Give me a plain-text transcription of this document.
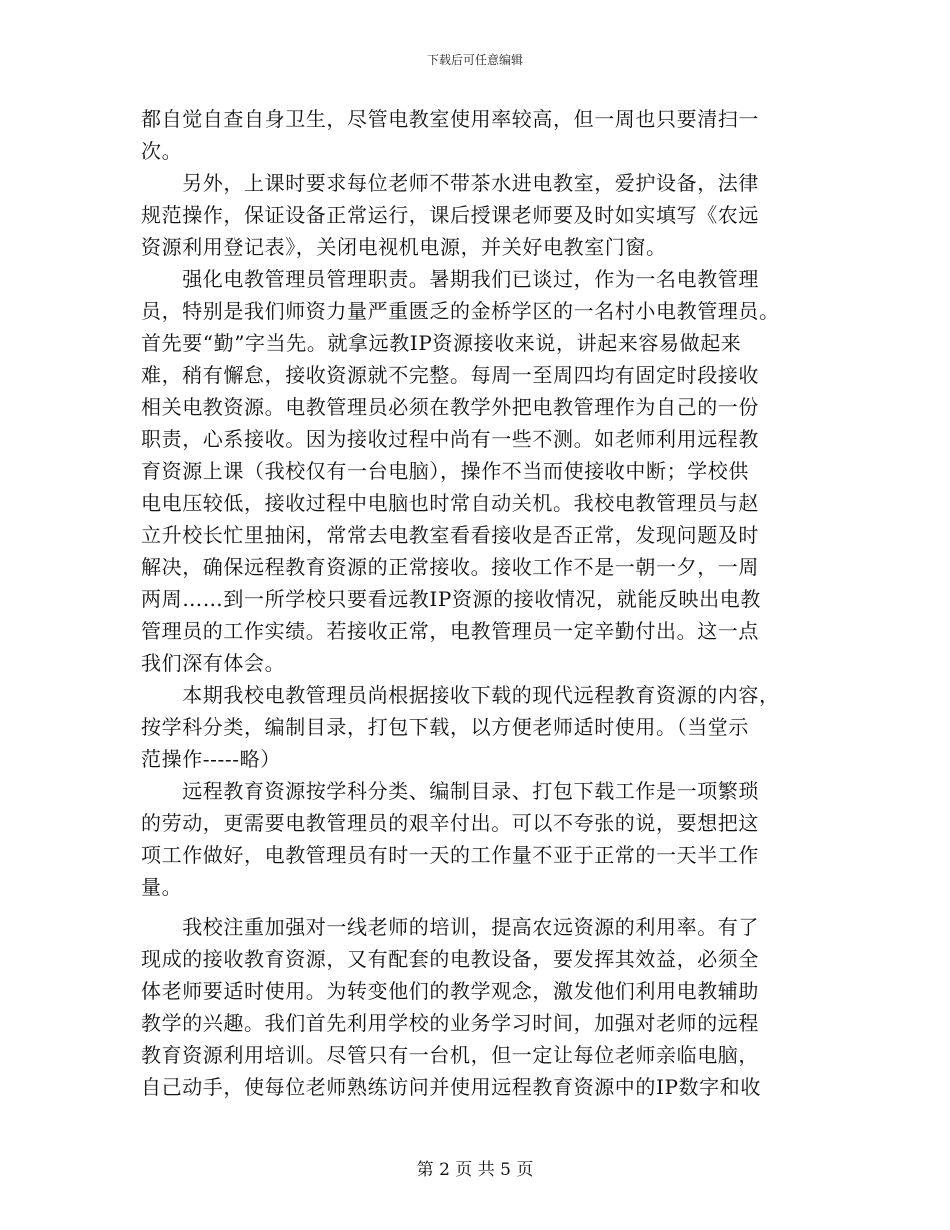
下载后可任意编辑
都自觉自查自身卫生，尽管电教室使用率较高，但一周也只要清扫一
次。
　　另外，上课时要求每位老师不带茶水进电教室，爱护设备，法律
规范操作，保证设备正常运行，课后授课老师要及时如实填写《农远
资源利用登记表》，关闭电视机电源，并关好电教室门窗。
　　强化电教管理员管理职责。暑期我们已谈过，作为一名电教管理
员，特别是我们师资力量严重匮乏的金桥学区的一名村小电教管理员。
首先要“勤”字当先。就拿远教IP资源接收来说，讲起来容易做起来
难，稍有懈怠，接收资源就不完整。每周一至周四均有固定时段接收
相关电教资源。电教管理员必须在教学外把电教管理作为自己的一份
职责，心系接收。因为接收过程中尚有一些不测。如老师利用远程教
育资源上课（我校仅有一台电脑），操作不当而使接收中断；学校供
电电压较低，接收过程中电脑也时常自动关机。我校电教管理员与赵
立升校长忙里抽闲，常常去电教室看看接收是否正常，发现问题及时
解决，确保远程教育资源的正常接收。接收工作不是一朝一夕，一周
两周……到一所学校只要看远教IP资源的接收情况，就能反映出电教
管理员的工作实绩。若接收正常，电教管理员一定辛勤付出。这一点
我们深有体会。
　　本期我校电教管理员尚根据接收下载的现代远程教育资源的内容，
按学科分类，编制目录，打包下载，以方便老师适时使用。（当堂示
范操作-----略）
　　远程教育资源按学科分类、编制目录、打包下载工作是一项繁琐
的劳动，更需要电教管理员的艰辛付出。可以不夸张的说，要想把这
项工作做好，电教管理员有时一天的工作量不亚于正常的一天半工作
量。
　　我校注重加强对一线老师的培训，提高农远资源的利用率。有了
现成的接收教育资源，又有配套的电教设备，要发挥其效益，必须全
体老师要适时使用。为转变他们的教学观念，激发他们利用电教辅助
教学的兴趣。我们首先利用学校的业务学习时间，加强对老师的远程
教育资源利用培训。尽管只有一台机，但一定让每位老师亲临电脑，
自己动手，使每位老师熟练访问并使用远程教育资源中的IP数字和收
第 2 页 共 5 页
